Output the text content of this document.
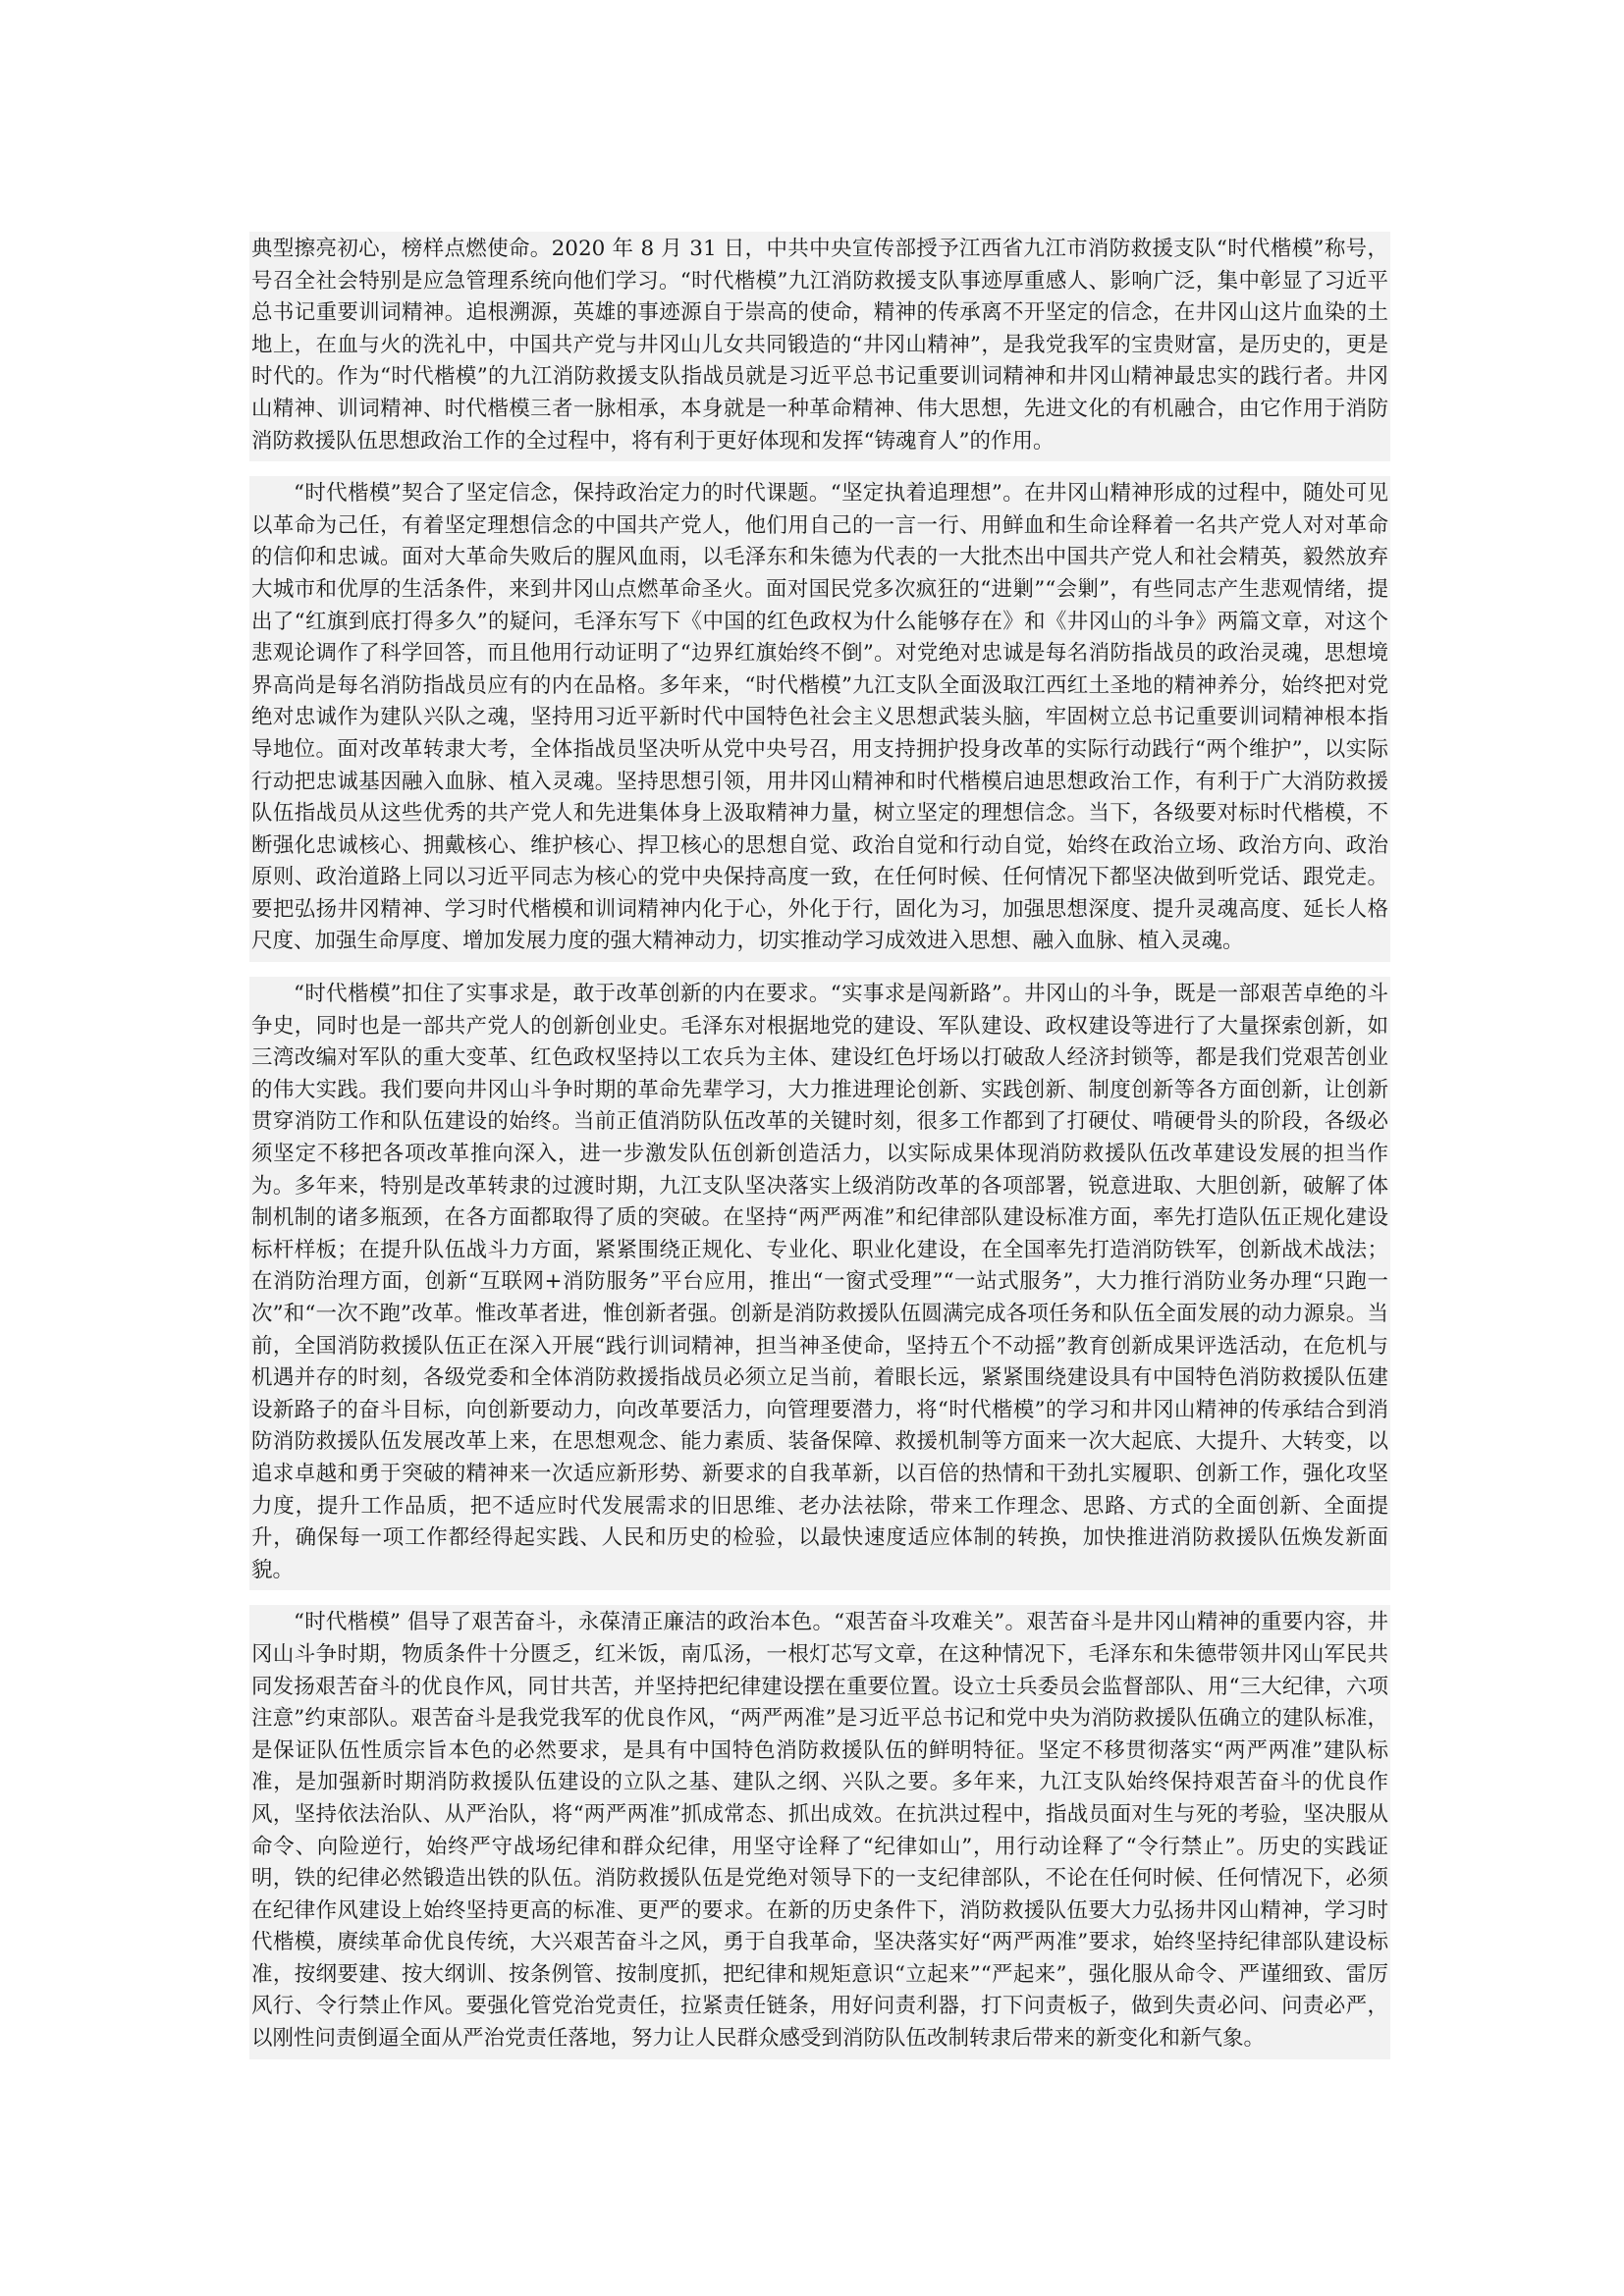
典型擦亮初心，榜样点燃使命。2020 年 8 月 31 日，中共中央宣传部授予江西省九江市消防救援支队“时代楷模”称号，号召全社会特别是应急管理系统向他们学习。“时代楷模”九江消防救援支队事迹厚重感人、影响广泛，集中彰显了习近平总书记重要训词精神。追根溯源，英雄的事迹源自于崇高的使命，精神的传承离不开坚定的信念，在井冈山这片血染的土地上，在血与火的洗礼中，中国共产党与井冈山儿女共同锻造的“井冈山精神”，是我党我军的宝贵财富，是历史的，更是时代的。作为“时代楷模”的九江消防救援支队指战员就是习近平总书记重要训词精神和井冈山精神最忠实的践行者。井冈山精神、训词精神、时代楷模三者一脉相承，本身就是一种革命精神、伟大思想，先进文化的有机融合，由它作用于消防消防救援队伍思想政治工作的全过程中，将有利于更好体现和发挥“铸魂育人”的作用。

“时代楷模”契合了坚定信念，保持政治定力的时代课题。“坚定执着追理想”。在井冈山精神形成的过程中，随处可见以革命为己任，有着坚定理想信念的中国共产党人，他们用自己的一言一行、用鲜血和生命诠释着一名共产党人对对革命的信仰和忠诚。面对大革命失败后的腥风血雨，以毛泽东和朱德为代表的一大批杰出中国共产党人和社会精英，毅然放弃大城市和优厚的生活条件，来到井冈山点燃革命圣火。面对国民党多次疯狂的“进剿”“会剿”，有些同志产生悲观情绪，提出了“红旗到底打得多久”的疑问，毛泽东写下《中国的红色政权为什么能够存在》和《井冈山的斗争》两篇文章，对这个悲观论调作了科学回答，而且他用行动证明了“边界红旗始终不倒”。对党绝对忠诚是每名消防指战员的政治灵魂，思想境界高尚是每名消防指战员应有的内在品格。多年来，“时代楷模”九江支队全面汲取江西红土圣地的精神养分，始终把对党绝对忠诚作为建队兴队之魂，坚持用习近平新时代中国特色社会主义思想武装头脑，牢固树立总书记重要训词精神根本指导地位。面对改革转隶大考，全体指战员坚决听从党中央号召，用支持拥护投身改革的实际行动践行“两个维护”，以实际行动把忠诚基因融入血脉、植入灵魂。坚持思想引领，用井冈山精神和时代楷模启迪思想政治工作，有利于广大消防救援队伍指战员从这些优秀的共产党人和先进集体身上汲取精神力量，树立坚定的理想信念。当下，各级要对标时代楷模，不断强化忠诚核心、拥戴核心、维护核心、捍卫核心的思想自觉、政治自觉和行动自觉，始终在政治立场、政治方向、政治原则、政治道路上同以习近平同志为核心的党中央保持高度一致，在任何时候、任何情况下都坚决做到听党话、跟党走。要把弘扬井冈精神、学习时代楷模和训词精神内化于心，外化于行，固化为习，加强思想深度、提升灵魂高度、延长人格尺度、加强生命厚度、增加发展力度的强大精神动力，切实推动学习成效进入思想、融入血脉、植入灵魂。

“时代楷模”扣住了实事求是，敢于改革创新的内在要求。“实事求是闯新路”。井冈山的斗争，既是一部艰苦卓绝的斗争史，同时也是一部共产党人的创新创业史。毛泽东对根据地党的建设、军队建设、政权建设等进行了大量探索创新，如三湾改编对军队的重大变革、红色政权坚持以工农兵为主体、建设红色圩场以打破敌人经济封锁等，都是我们党艰苦创业的伟大实践。我们要向井冈山斗争时期的革命先辈学习，大力推进理论创新、实践创新、制度创新等各方面创新，让创新贯穿消防工作和队伍建设的始终。当前正值消防队伍改革的关键时刻，很多工作都到了打硬仗、啃硬骨头的阶段，各级必须坚定不移把各项改革推向深入，进一步激发队伍创新创造活力，以实际成果体现消防救援队伍改革建设发展的担当作为。多年来，特别是改革转隶的过渡时期，九江支队坚决落实上级消防改革的各项部署，锐意进取、大胆创新，破解了体制机制的诸多瓶颈，在各方面都取得了质的突破。在坚持“两严两准”和纪律部队建设标准方面，率先打造队伍正规化建设标杆样板；在提升队伍战斗力方面，紧紧围绕正规化、专业化、职业化建设，在全国率先打造消防铁军，创新战术战法；在消防治理方面，创新“互联网+消防服务”平台应用，推出“一窗式受理”“一站式服务”，大力推行消防业务办理“只跑一次”和“一次不跑”改革。惟改革者进，惟创新者强。创新是消防救援队伍圆满完成各项任务和队伍全面发展的动力源泉。当前，全国消防救援队伍正在深入开展“践行训词精神，担当神圣使命，坚持五个不动摇”教育创新成果评选活动，在危机与机遇并存的时刻，各级党委和全体消防救援指战员必须立足当前，着眼长远，紧紧围绕建设具有中国特色消防救援队伍建设新路子的奋斗目标，向创新要动力，向改革要活力，向管理要潜力，将“时代楷模”的学习和井冈山精神的传承结合到消防消防救援队伍发展改革上来，在思想观念、能力素质、装备保障、救援机制等方面来一次大起底、大提升、大转变，以追求卓越和勇于突破的精神来一次适应新形势、新要求的自我革新，以百倍的热情和干劲扎实履职、创新工作，强化攻坚力度，提升工作品质，把不适应时代发展需求的旧思维、老办法祛除，带来工作理念、思路、方式的全面创新、全面提升，确保每一项工作都经得起实践、人民和历史的检验，以最快速度适应体制的转换，加快推进消防救援队伍焕发新面貌。

“时代楷模” 倡导了艰苦奋斗，永葆清正廉洁的政治本色。“艰苦奋斗攻难关”。艰苦奋斗是井冈山精神的重要内容，井冈山斗争时期，物质条件十分匮乏，红米饭，南瓜汤，一根灯芯写文章，在这种情况下，毛泽东和朱德带领井冈山军民共同发扬艰苦奋斗的优良作风，同甘共苦，并坚持把纪律建设摆在重要位置。设立士兵委员会监督部队、用“三大纪律，六项注意”约束部队。艰苦奋斗是我党我军的优良作风，“两严两准”是习近平总书记和党中央为消防救援队伍确立的建队标准，是保证队伍性质宗旨本色的必然要求，是具有中国特色消防救援队伍的鲜明特征。坚定不移贯彻落实“两严两准”建队标准，是加强新时期消防救援队伍建设的立队之基、建队之纲、兴队之要。多年来，九江支队始终保持艰苦奋斗的优良作风，坚持依法治队、从严治队，将“两严两准”抓成常态、抓出成效。在抗洪过程中，指战员面对生与死的考验，坚决服从命令、向险逆行，始终严守战场纪律和群众纪律，用坚守诠释了“纪律如山”，用行动诠释了“令行禁止”。历史的实践证明，铁的纪律必然锻造出铁的队伍。消防救援队伍是党绝对领导下的一支纪律部队，不论在任何时候、任何情况下，必须在纪律作风建设上始终坚持更高的标准、更严的要求。在新的历史条件下，消防救援队伍要大力弘扬井冈山精神，学习时代楷模，赓续革命优良传统，大兴艰苦奋斗之风，勇于自我革命，坚决落实好“两严两准”要求，始终坚持纪律部队建设标准，按纲要建、按大纲训、按条例管、按制度抓，把纪律和规矩意识“立起来”“严起来”，强化服从命令、严谨细致、雷厉风行、令行禁止作风。要强化管党治党责任，拉紧责任链条，用好问责利器，打下问责板子，做到失责必问、问责必严，以刚性问责倒逼全面从严治党责任落地，努力让人民群众感受到消防队伍改制转隶后带来的新变化和新气象。
